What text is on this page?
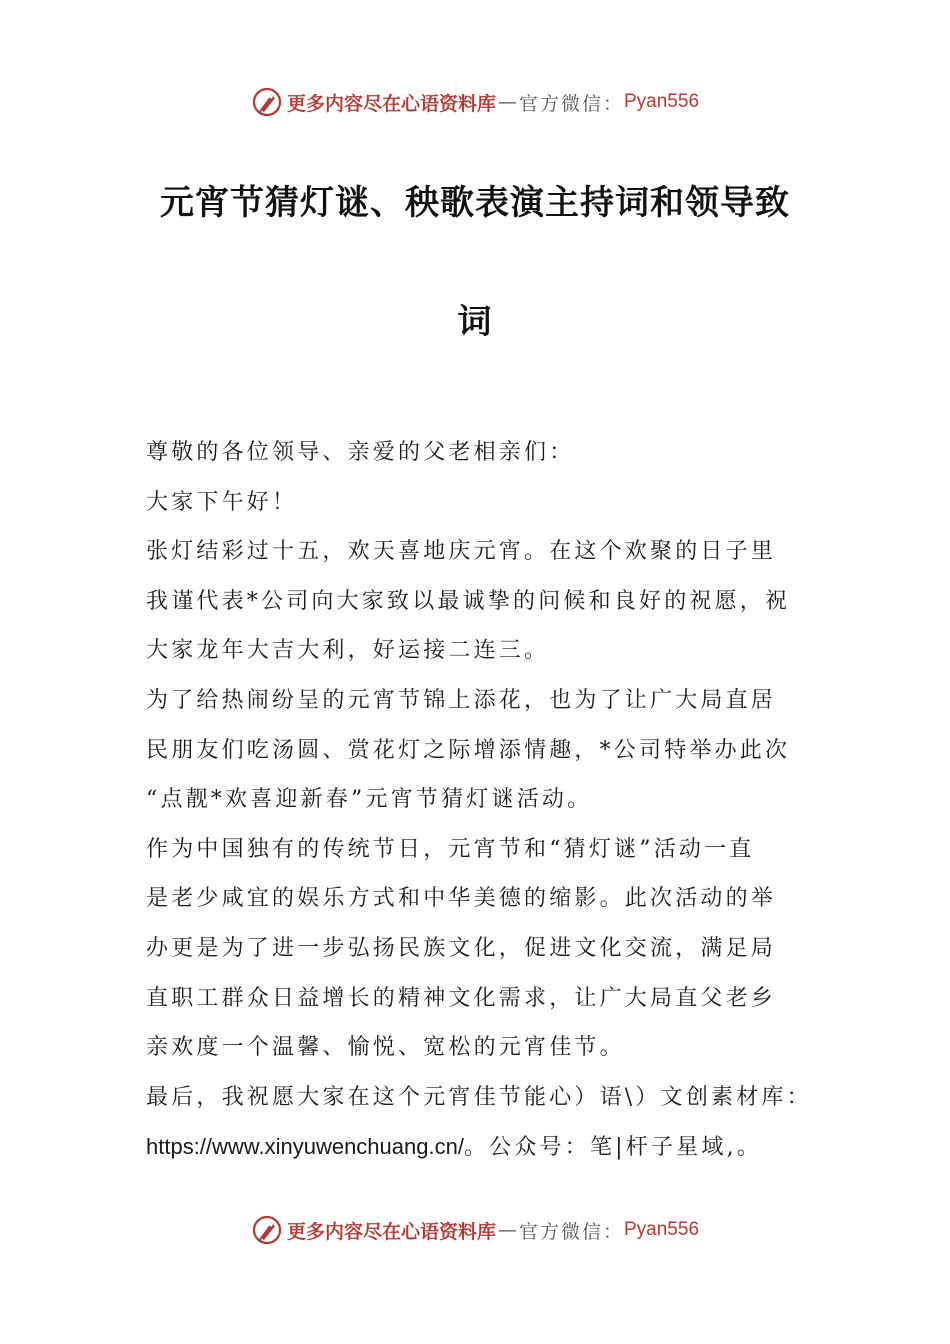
更多内容尽在心语资料库 — 官方微信： Pyan556
元宵节猜灯谜、秧歌表演主持词和领导致
词

尊敬的各位领导、亲爱的父老相亲们：

大家下午好！

张灯结彩过十五，欢天喜地庆元宵。在这个欢聚的日子里

我谨代表*公司向大家致以最诚挚的问候和良好的祝愿，祝

大家龙年大吉大利，好运接二连三。

为了给热闹纷呈的元宵节锦上添花，也为了让广大局直居

民朋友们吃汤圆、赏花灯之际增添情趣，*公司特举办此次

“点靓*欢喜迎新春”元宵节猜灯谜活动。

作为中国独有的传统节日，元宵节和“猜灯谜”活动一直

是老少咸宜的娱乐方式和中华美德的缩影。此次活动的举

办更是为了进一步弘扬民族文化，促进文化交流，满足局

直职工群众日益增长的精神文化需求，让广大局直父老乡

亲欢度一个温馨、愉悦、宽松的元宵佳节。

最后，我祝愿大家在这个元宵佳节能心）语\）文创素材库：

https://www.xinyuwenchuang.cn/。公众号：笔|杆子星域,。

更多内容尽在心语资料库 — 官方微信： Pyan556
